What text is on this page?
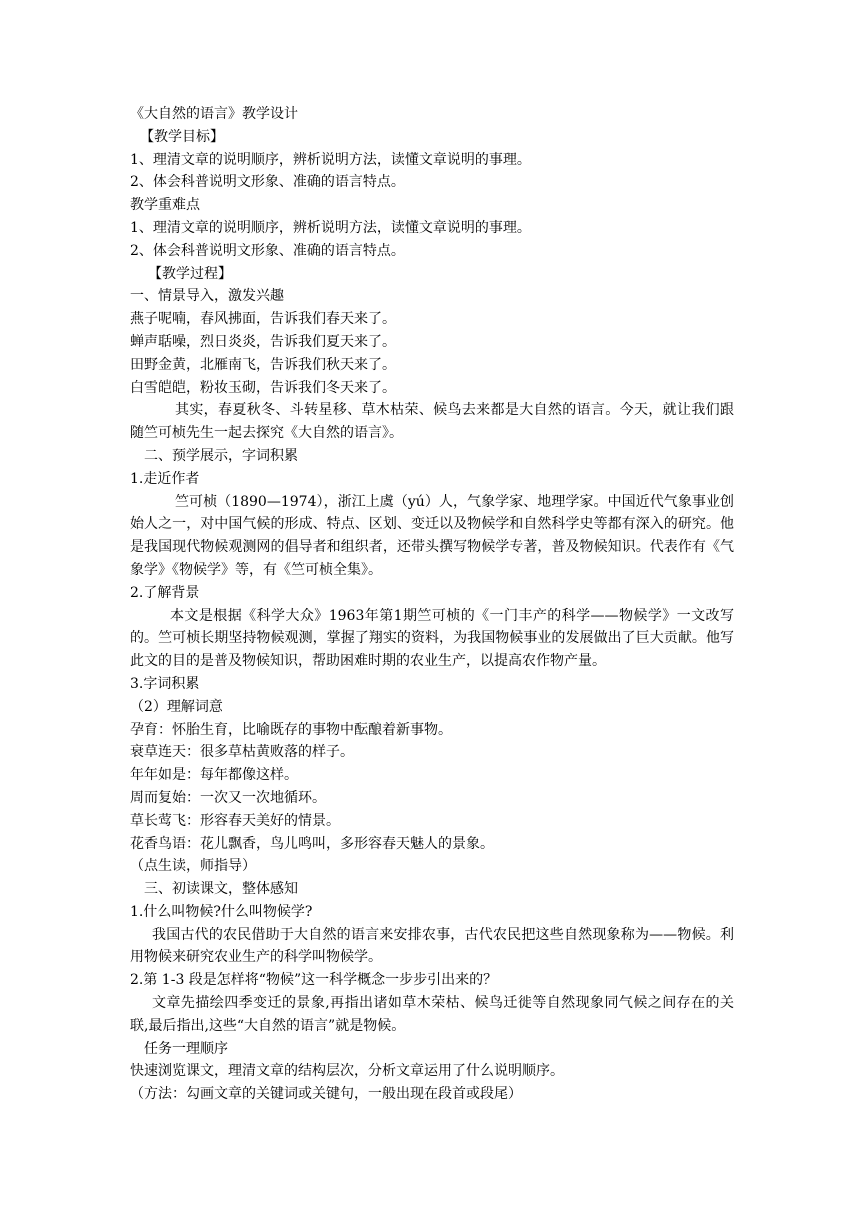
《大自然的语言》教学设计
【教学目标】
1、理清文章的说明顺序，辨析说明方法，读懂文章说明的事理。
2、体会科普说明文形象、准确的语言特点。
教学重难点
1、理清文章的说明顺序，辨析说明方法，读懂文章说明的事理。
2、体会科普说明文形象、准确的语言特点。
【教学过程】
一、情景导入，激发兴趣
燕子呢喃，春风拂面，告诉我们春天来了。
蝉声聒噪，烈日炎炎，告诉我们夏天来了。
田野金黄，北雁南飞，告诉我们秋天来了。
白雪皑皑，粉妆玉砌，告诉我们冬天来了。
其实，春夏秋冬、斗转星移、草木枯荣、候鸟去来都是大自然的语言。今天，就让我们跟随竺可桢先生一起去探究《大自然的语言》。
二、预学展示，字词积累
1.走近作者
竺可桢（1890—1974），浙江上虞（yú）人，气象学家、地理学家。中国近代气象事业创始人之一，对中国气候的形成、特点、区划、变迁以及物候学和自然科学史等都有深入的研究。他是我国现代物候观测网的倡导者和组织者，还带头撰写物候学专著，普及物候知识。代表作有《气象学》《物候学》等，有《竺可桢全集》。
2.了解背景
本文是根据《科学大众》1963年第1期竺可桢的《一门丰产的科学——物候学》一文改写的。竺可桢长期坚持物候观测，掌握了翔实的资料，为我国物候事业的发展做出了巨大贡献。他写此文的目的是普及物候知识，帮助困难时期的农业生产，以提高农作物产量。
3.字词积累
（2）理解词意
孕育：怀胎生育，比喻既存的事物中酝酿着新事物。
衰草连天：很多草枯黄败落的样子。
年年如是：每年都像这样。
周而复始：一次又一次地循环。
草长莺飞：形容春天美好的情景。
花香鸟语：花儿飘香，鸟儿鸣叫，多形容春天魅人的景象。
（点生读，师指导）
三、初读课文，整体感知
1.什么叫物候?什么叫物候学?
我国古代的农民借助于大自然的语言来安排农事，古代农民把这些自然现象称为——物候。利用物候来研究农业生产的科学叫物候学。
2.第 1-3 段是怎样将“物候”这一科学概念一步步引出来的？
文章先描绘四季变迁的景象,再指出诸如草木荣枯、候鸟迁徙等自然现象同气候之间存在的关联,最后指出,这些“大自然的语言”就是物候。
任务一理顺序
快速浏览课文，理清文章的结构层次，分析文章运用了什么说明顺序。
（方法：勾画文章的关键词或关键句，一般出现在段首或段尾）
